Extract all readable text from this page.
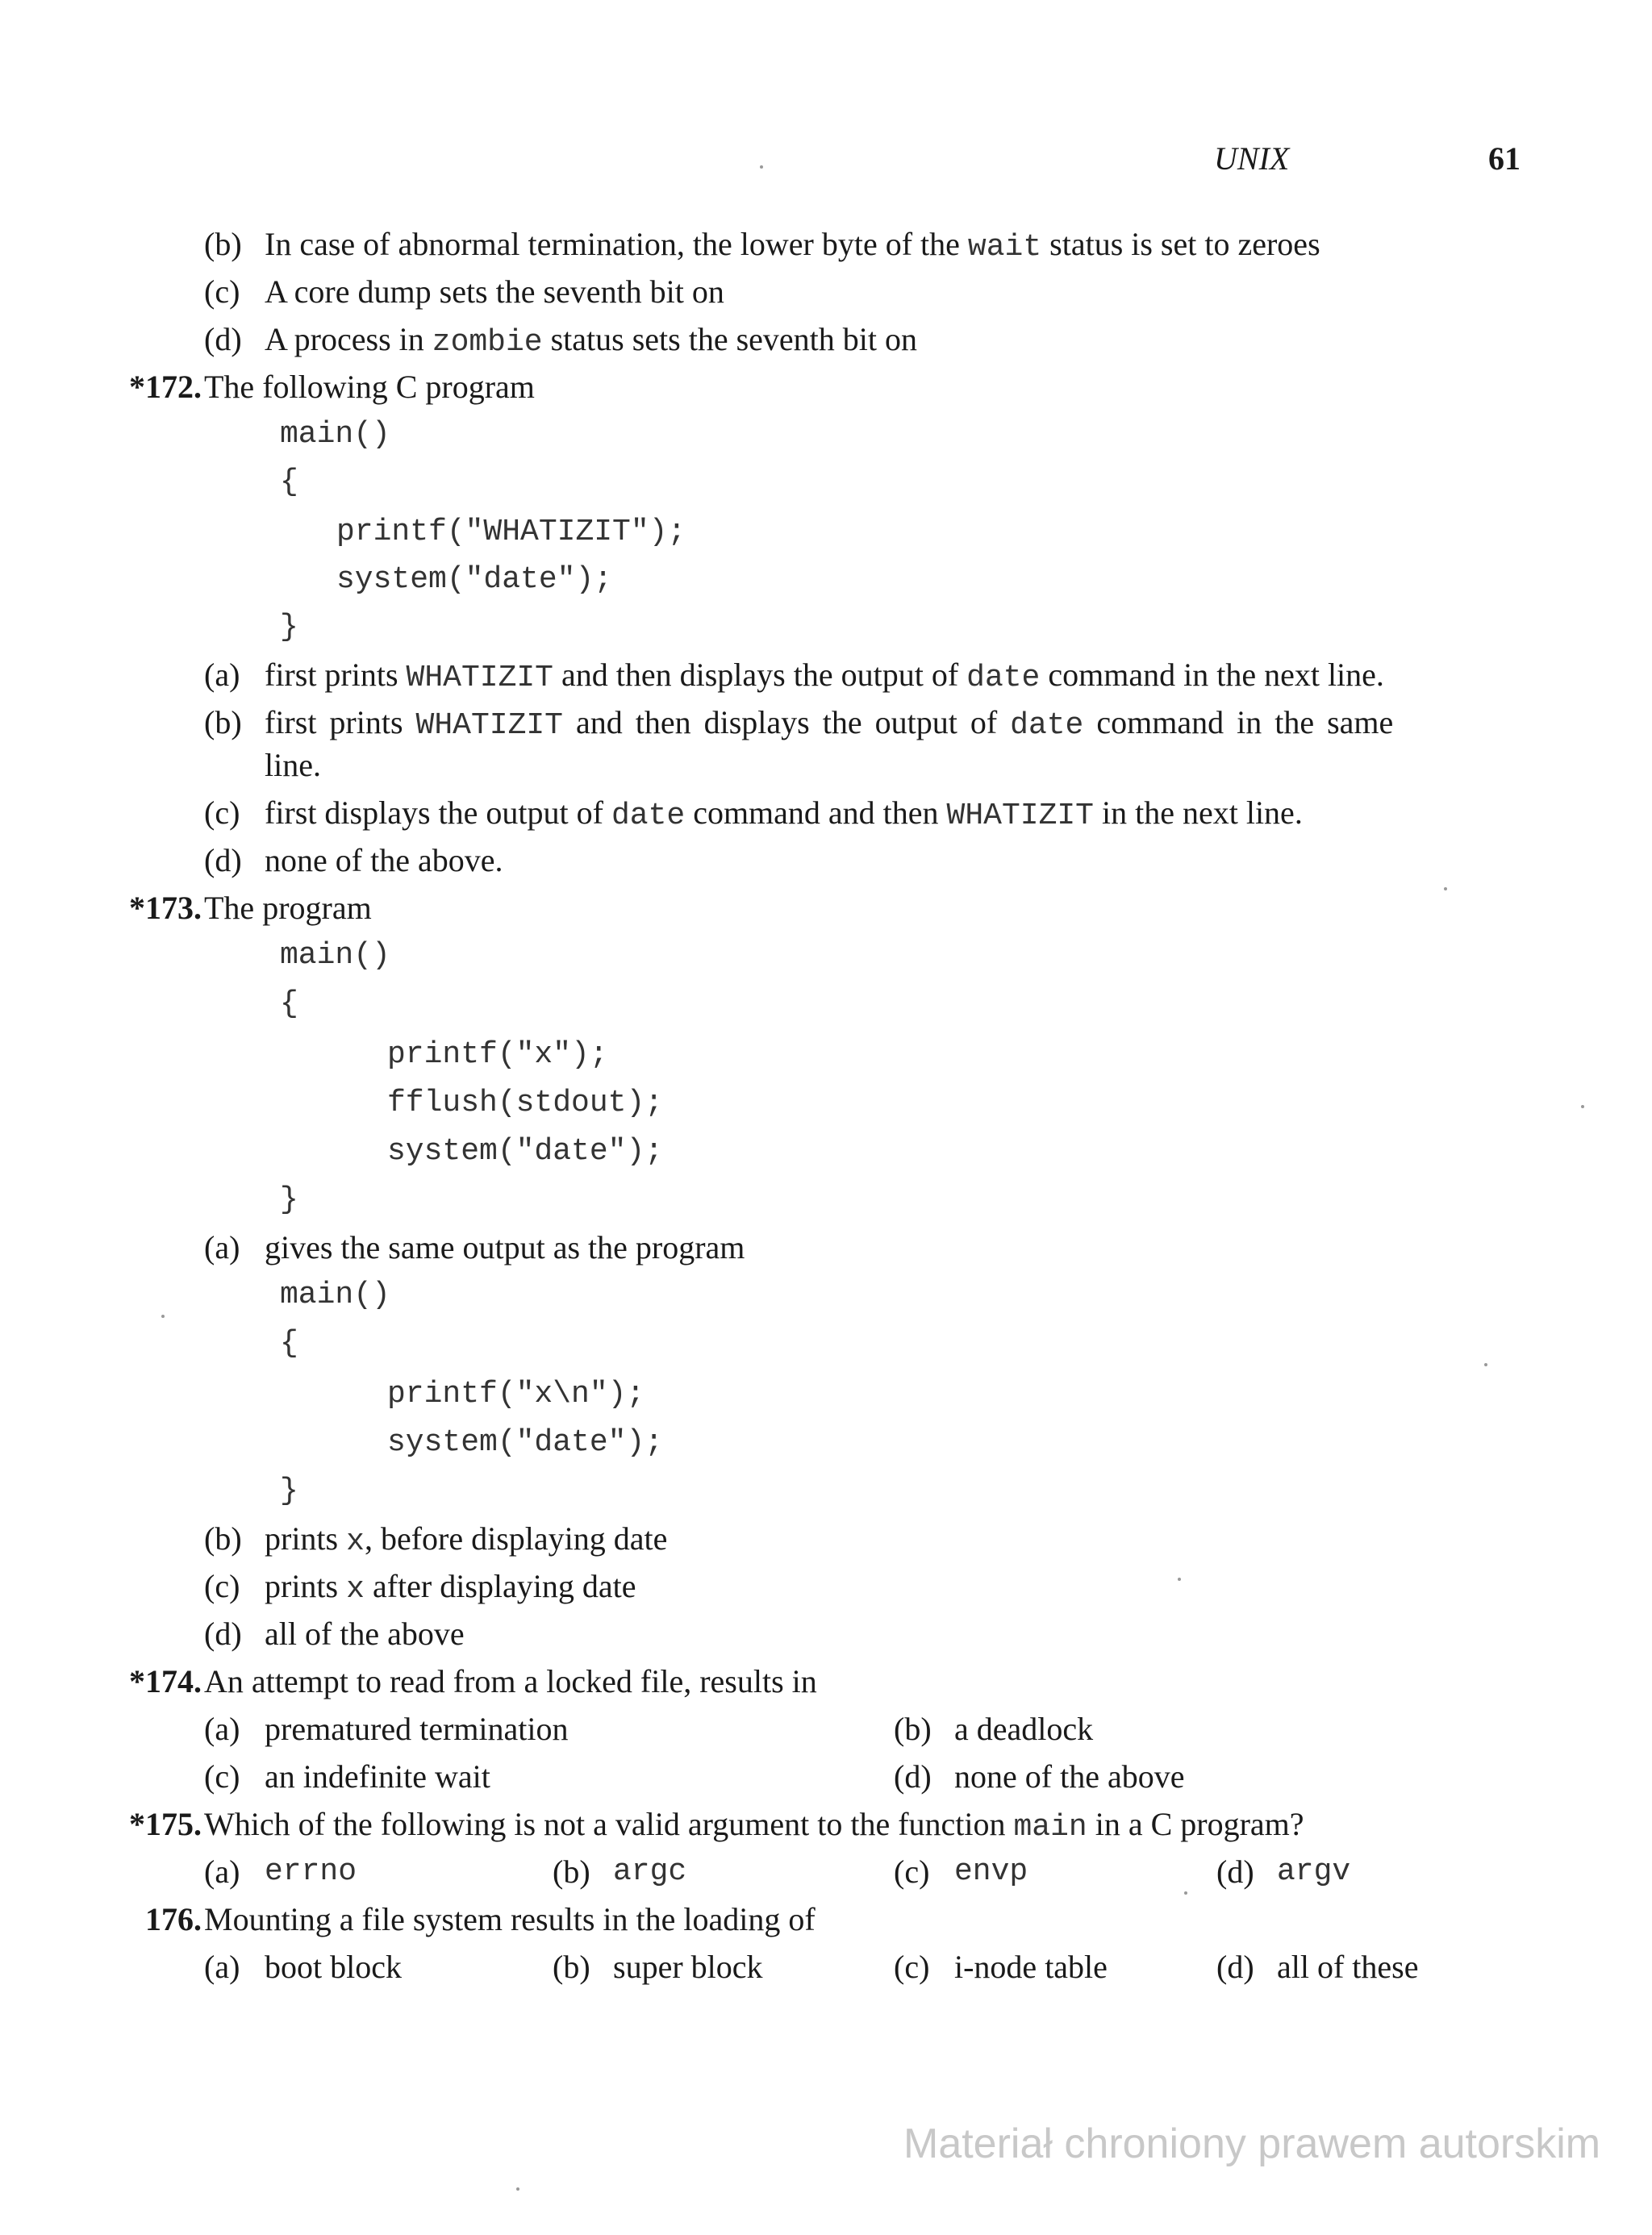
UNIX	61
(b) In case of abnormal termination, the lower byte of the wait status is set to zeroes
(c) A core dump sets the seventh bit on
(d) A process in zombie status sets the seventh bit on
*172. The following C program
main()
{
printf("WHATIZIT");
system("date");
}
(a) first prints WHATIZIT and then displays the output of date command in the next line.
(b) first prints WHATIZIT and then displays the output of date command in the same
line.
(c) first displays the output of date command and then WHATIZIT in the next line.
(d) none of the above.
*173. The program
main()
{
printf("x");
fflush(stdout);
system("date");
}
(a) gives the same output as the program
main()
{
printf("x\n");
system("date");
}
(b) prints x, before displaying date
(c) prints x after displaying date
(d) all of the above
*174. An attempt to read from a locked file, results in
(a) prematured termination	(b) a deadlock
(c) an indefinite wait	(d) none of the above
*175. Which of the following is not a valid argument to the function main in a C program?
(a) errno	(b) argc	(c) envp	(d) argv
176. Mounting a file system results in the loading of
(a) boot block	(b) super block	(c) i-node table	(d) all of these
Materiał chroniony prawem autorskim
